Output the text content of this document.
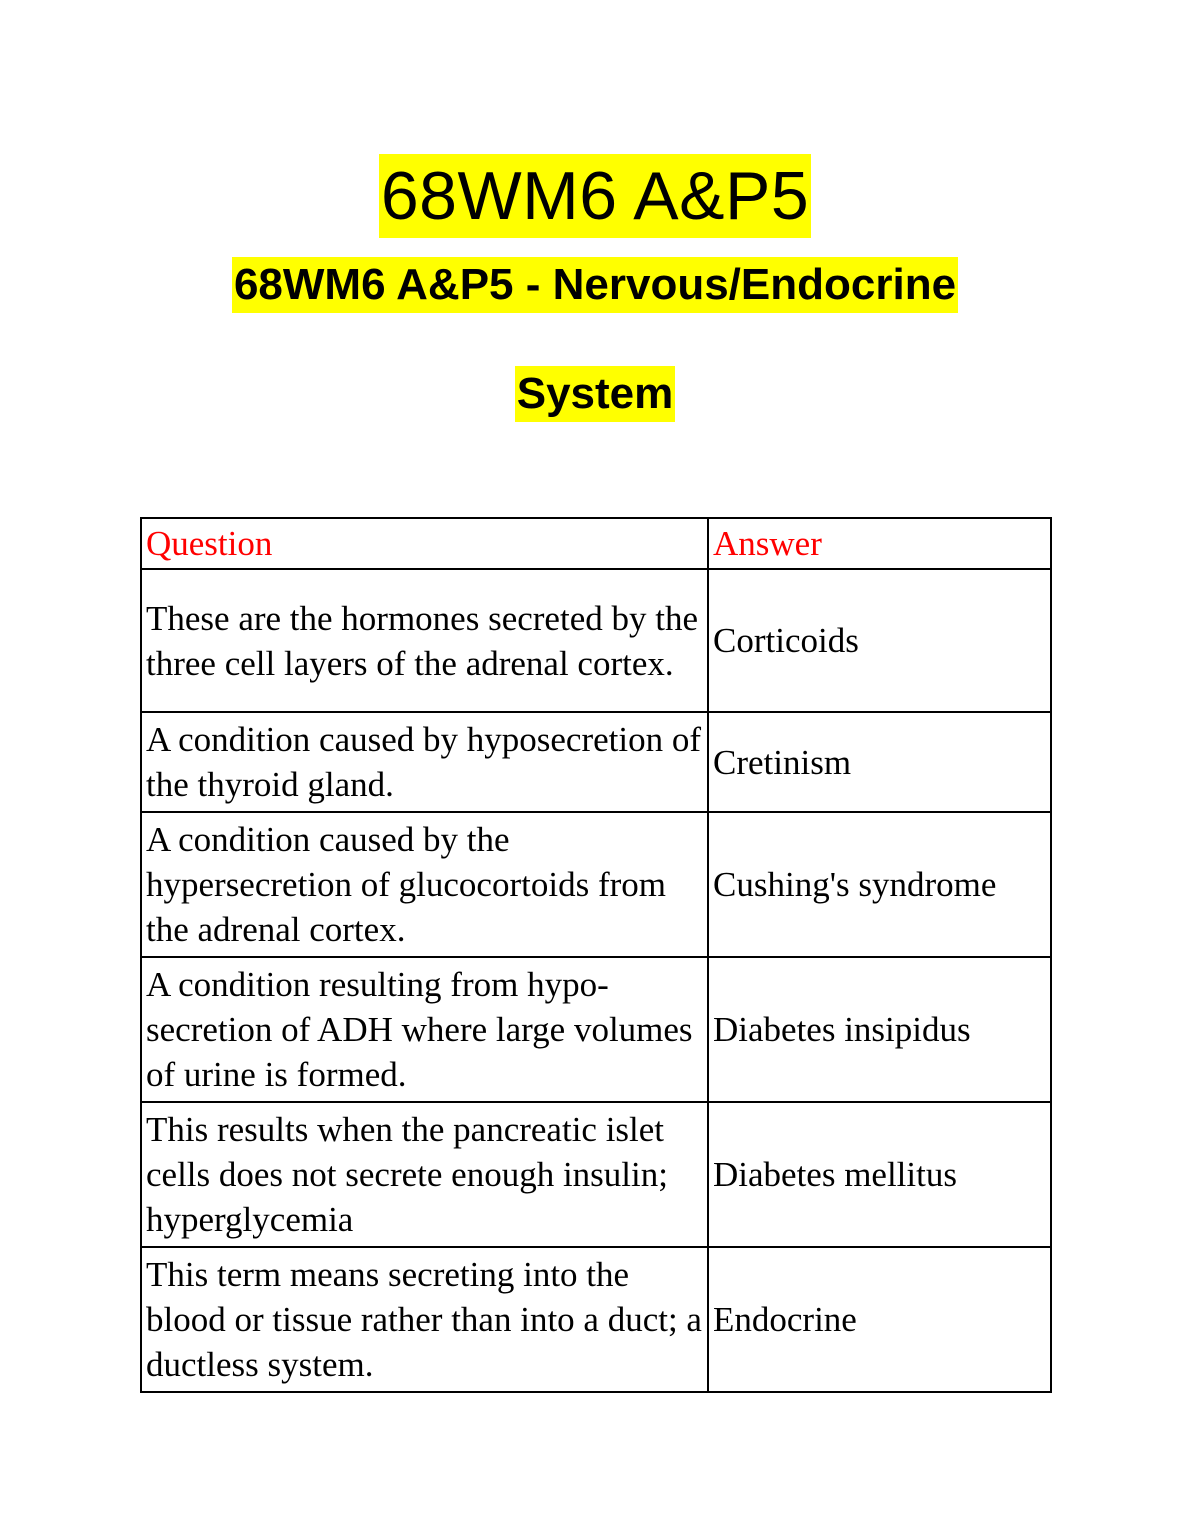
68WM6 A&P5
68WM6 A&P5 - Nervous/Endocrine
System
Question	Answer
These are the hormones secreted by the three cell layers of the adrenal cortex.	Corticoids
A condition caused by hyposecretion of the thyroid gland.	Cretinism
A condition caused by the hypersecretion of glucocortoids from the adrenal cortex.	Cushing's syndrome
A condition resulting from hypo-secretion of ADH where large volumes of urine is formed.	Diabetes insipidus
This results when the pancreatic islet cells does not secrete enough insulin; hyperglycemia	Diabetes mellitus
This term means secreting into the blood or tissue rather than into a duct; a ductless system.	Endocrine
